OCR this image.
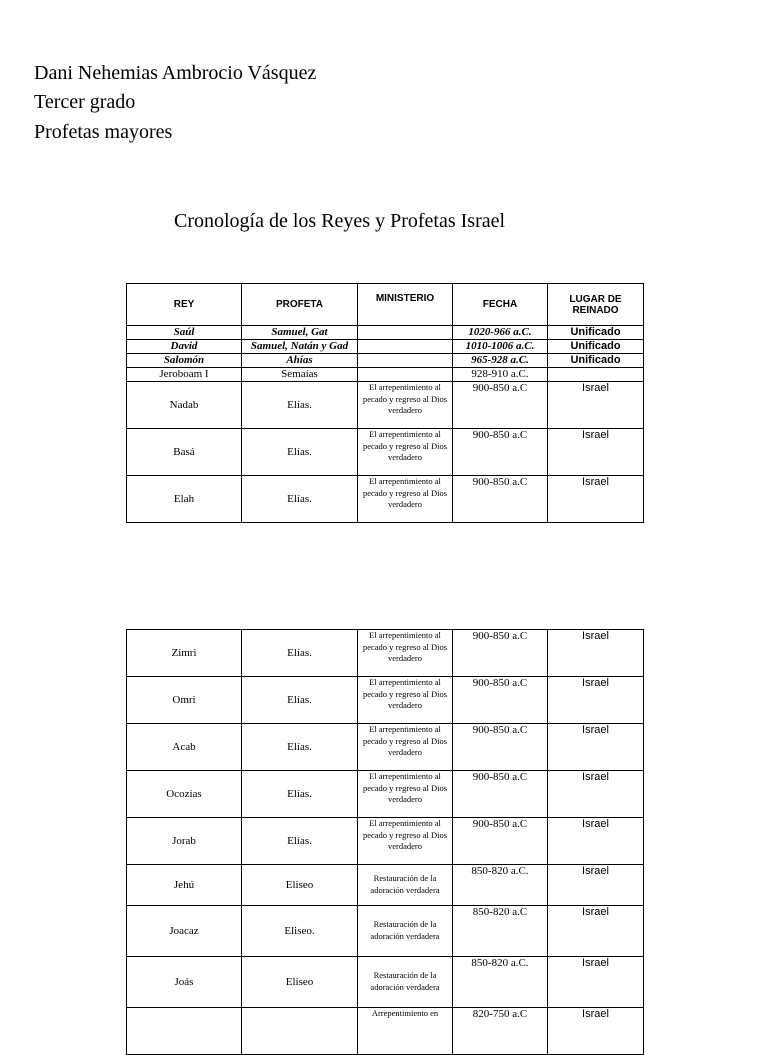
Dani Nehemias Ambrocio Vásquez
Tercer grado
Profetas mayores
Cronología de los Reyes y Profetas Israel
REY	PROFETA	MINISTERIO	FECHA	LUGAR DE REINADO
Saúl	Samuel, Gat		1020-966 a.C.	Unificado
David	Samuel, Natán y Gad		1010-1006 a.C.	Unificado
Salomón	Ahías		965-928 a.C.	Unificado
Jeroboam I	Semaías		928-910 a.C.	
Nadab	Elías.	El arrepentimiento al pecado y regreso al Dios verdadero	900-850 a.C	Israel
Basá	Elías.	El arrepentimiento al pecado y regreso al Dios verdadero	900-850 a.C	Israel
Elah	Elías.	El arrepentimiento al pecado y regreso al Dios verdadero	900-850 a.C	Israel
Zimri	Elías.	El arrepentimiento al pecado y regreso al Dios verdadero	900-850 a.C	Israel
Omri	Elías.	El arrepentimiento al pecado y regreso al Dios verdadero	900-850 a.C	Israel
Acab	Elías.	El arrepentimiento al pecado y regreso al Dios verdadero	900-850 a.C	Israel
Ocozías	Elías.	El arrepentimiento al pecado y regreso al Dios verdadero	900-850 a.C	Israel
Jorab	Elías.	El arrepentimiento al pecado y regreso al Dios verdadero	900-850 a.C	Israel
Jehú	Eliseo	Restauración de la adoración verdadera	850-820 a.C.	Israel
Joacaz	Eliseo.	Restauración de la adoración verdadera	850-820 a.C	Israel
Joás	Eliseo	Restauración de la adoración verdadera	850-820 a.C.	Israel
		Arrepentimiento en	820-750 a.C	Israel
